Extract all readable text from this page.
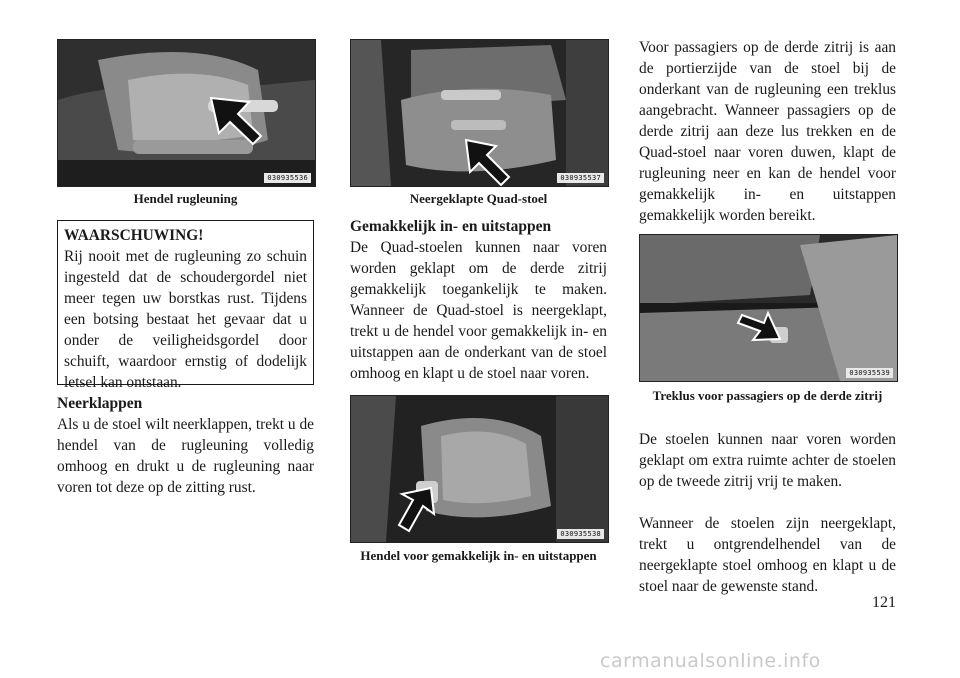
030935536
Hendel rugleuning
WAARSCHUWING!
Rij nooit met de rugleuning zo schuin ingesteld dat de schoudergordel niet meer tegen uw borstkas rust. Tijdens een botsing bestaat het gevaar dat u onder de veiligheidsgordel door schuift, waardoor ernstig of dodelijk letsel kan ontstaan.
Neerklappen

Als u de stoel wilt neerklappen, trekt u de hendel van de rugleuning volledig omhoog en drukt u de rugleuning naar voren tot deze op de zitting rust.

030935537
Neergeklapte Quad-stoel
Gemakkelijk in- en uitstappen

De Quad-stoelen kunnen naar voren worden geklapt om de derde zitrij gemakkelijk toegankelijk te maken. Wanneer de Quad-stoel is neergeklapt, trekt u de hendel voor gemakkelijk in- en uitstappen aan de onderkant van de stoel omhoog en klapt u de stoel naar voren.

030935538
Hendel voor gemakkelijk in- en uitstappen

Voor passagiers op de derde zitrij is aan de portierzijde van de stoel bij de onderkant van de rugleuning een treklus aangebracht. Wanneer passagiers op de derde zitrij aan deze lus trekken en de Quad-stoel naar voren duwen, klapt de rugleuning neer en kan de hendel voor gemakkelijk in- en uitstappen gemakkelijk worden bereikt.

030935539
Treklus voor passagiers op de derde zitrij

De stoelen kunnen naar voren worden geklapt om extra ruimte achter de stoelen op de tweede zitrij vrij te maken.

Wanneer de stoelen zijn neergeklapt, trekt u ontgrendelhendel van de neergeklapte stoel omhoog en klapt u de stoel naar de gewenste stand.

121
carmanualsonline.info
